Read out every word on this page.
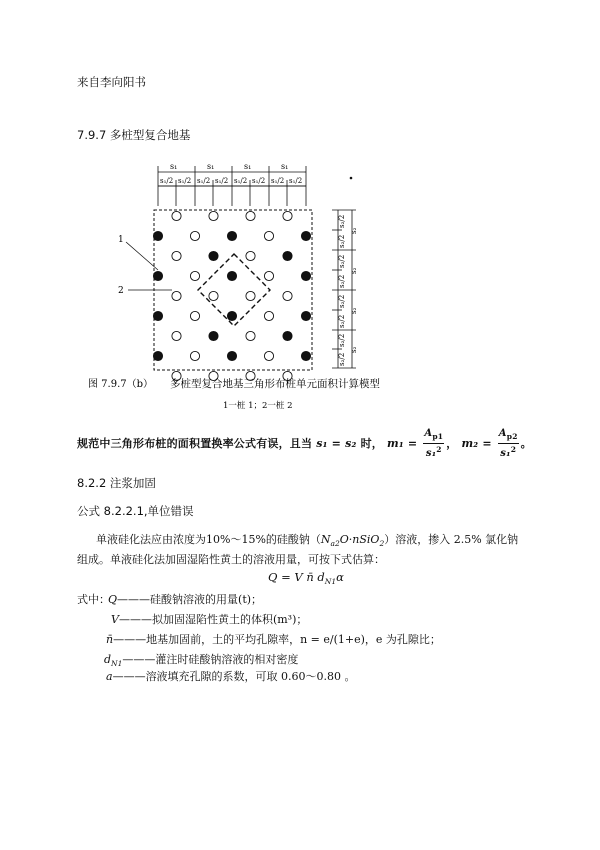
来自李向阳书
7.9.7 多桩型复合地基
s₁	s₁	s₁	s₁
s₁/2 s₁/2 s₁/2 s₁/2 s₁/2 s₁/2 s₁/2 s₁/2
s₂
s₂
s₂
s₂
s₂/2
s₂/2
s₂/2
s₂/2
s₂/2
s₂/2
s₂/2
s₂/2
1
2
图 7.9.7（b） 多桩型复合地基三角形布桩单元面积计算模型
1一桩 1；2一桩 2
规范中三角形布桩的面积置换率公式有误，且当 s₁ = s₂ 时， $m_1 = \frac{A_{p1}}{s_1^2}$ ， $m_2 = \frac{A_{p2}}{s_1^2}$ 。
8.2.2 注浆加固
公式 8.2.2.1,单位错误
单液硅化法应由浓度为10%～15%的硅酸钠$(N_{a2}O\cdot nSiO_2)$溶液，掺入 2.5% 氯化钠
组成。单液硅化法加固湿陷性黄土的溶液用量，可按下式估算：
Q = V n̄ $d_{N1}\alpha$
式中：
Q———硅酸钠溶液的用量(t)；
V———拟加固湿陷性黄土的体积(m³)；
n̄———地基加固前，土的平均孔隙率，n = e/(1+e)，e 为孔隙比；
$d_{N1}———$灌注时硅酸钠溶液的相对密度
a———溶液填充孔隙的系数，可取 0.60～0.80 。
